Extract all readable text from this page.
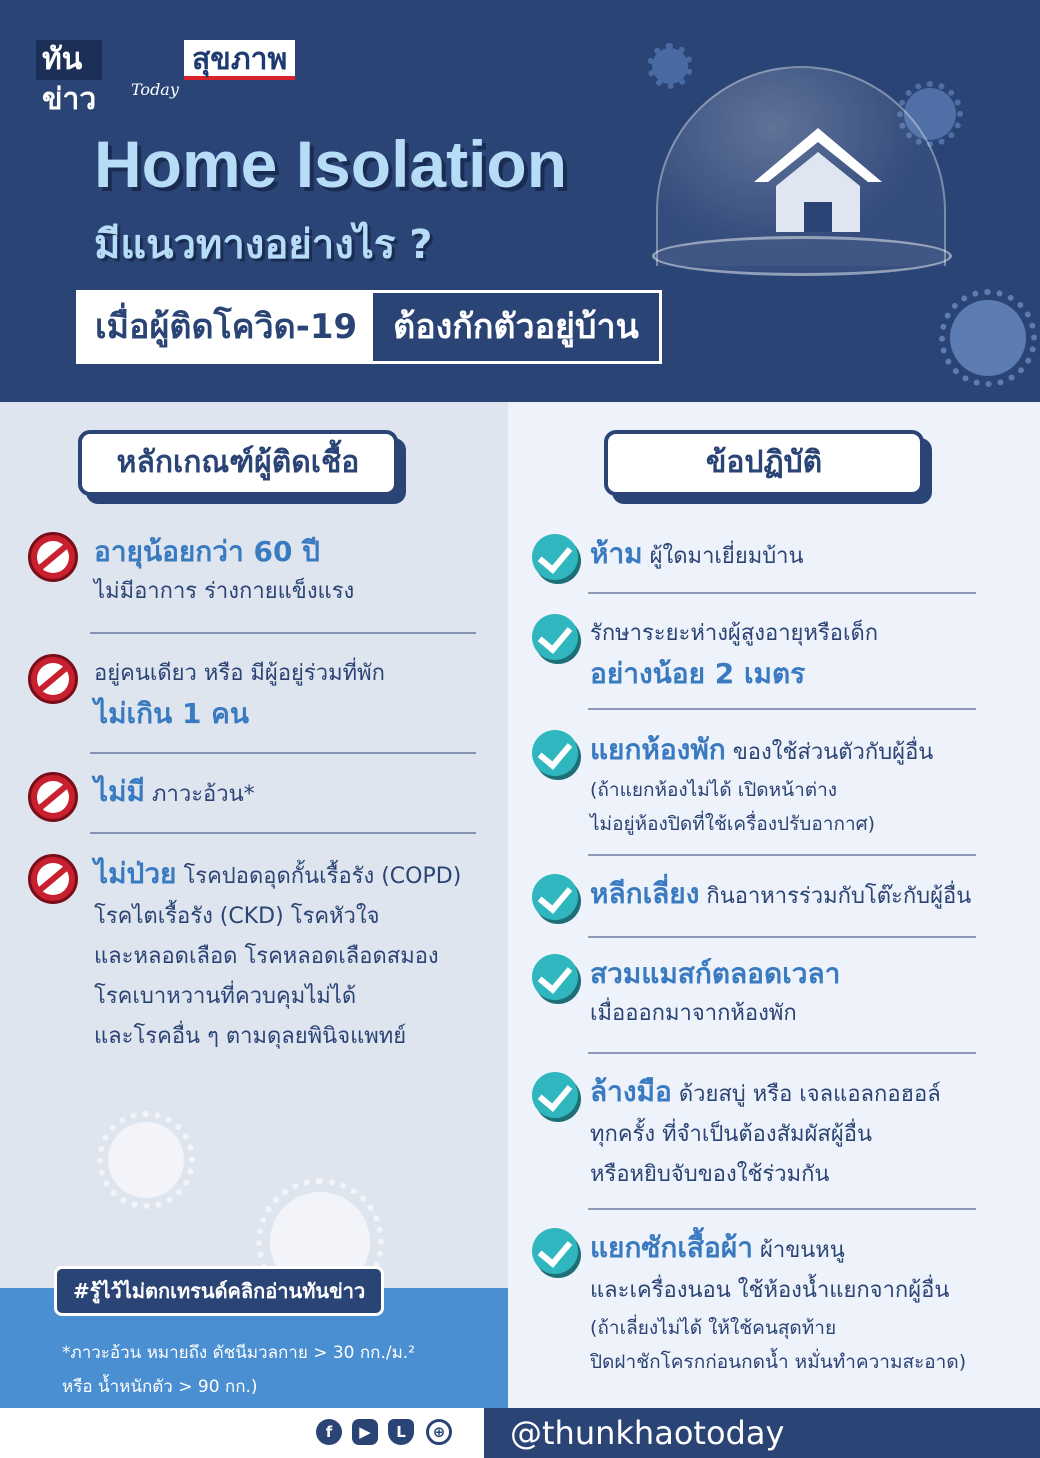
ทันข่าว
สุขภาพ
Today
Home Isolation
มีแนวทางอย่างไร ?
เมื่อผู้ติดโควิด-19	ต้องกักตัวอยู่บ้าน
หลักเกณฑ์ผู้ติดเชื้อ
อายุน้อยกว่า 60 ปี
ไม่มีอาการ ร่างกายแข็งแรง
อยู่คนเดียว หรือ มีผู้อยู่ร่วมที่พัก
ไม่เกิน 1 คน
ไม่มี ภาวะอ้วน*
ไม่ป่วย โรคปอดอุดกั้นเรื้อรัง (COPD)
โรคไตเรื้อรัง (CKD) โรคหัวใจ
และหลอดเลือด โรคหลอดเลือดสมอง
โรคเบาหวานที่ควบคุมไม่ได้
และโรคอื่น ๆ ตามดุลยพินิจแพทย์
*ภาวะอ้วน หมายถึง ดัชนีมวลกาย > 30 กก./ม.²
หรือ น้ำหนักตัว > 90 กก.)
#รู้ไว้ไม่ตกเทรนด์คลิกอ่านทันข่าว
ข้อปฏิบัติ
ห้าม ผู้ใดมาเยี่ยมบ้าน
รักษาระยะห่างผู้สูงอายุหรือเด็ก
อย่างน้อย 2 เมตร
แยกห้องพัก ของใช้ส่วนตัวกับผู้อื่น
(ถ้าแยกห้องไม่ได้ เปิดหน้าต่าง
ไม่อยู่ห้องปิดที่ใช้เครื่องปรับอากาศ)
หลีกเลี่ยง กินอาหารร่วมกับโต๊ะกับผู้อื่น
สวมแมสก์ตลอดเวลา
เมื่อออกมาจากห้องพัก
ล้างมือ ด้วยสบู่ หรือ เจลแอลกอฮอล์
ทุกครั้ง ที่จำเป็นต้องสัมผัสผู้อื่น
หรือหยิบจับของใช้ร่วมกัน
แยกซักเสื้อผ้า ผ้าขนหนู
และเครื่องนอน ใช้ห้องน้ำแยกจากผู้อื่น
(ถ้าเลี่ยงไม่ได้ ให้ใช้คนสุดท้าย
ปิดฝาชักโครกก่อนกดน้ำ หมั่นทำความสะอาด)
f	▶	L	⊕ @thunkhaotoday
